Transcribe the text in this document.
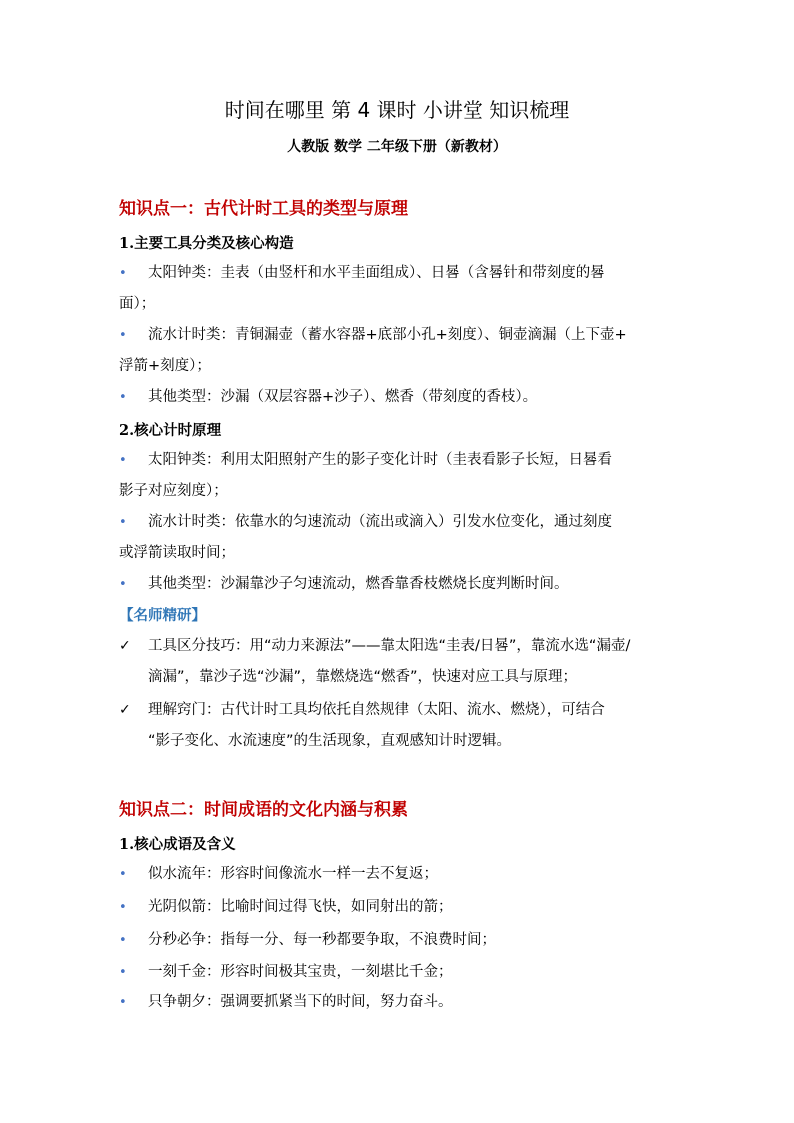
时间在哪里 第 4 课时 小讲堂 知识梳理
人教版 数学 二年级下册（新教材）
知识点一：古代计时工具的类型与原理
1.主要工具分类及核心构造
• 太阳钟类：圭表（由竖杆和水平圭面组成）、日晷（含晷针和带刻度的晷
面）；
• 流水计时类：青铜漏壶（蓄水容器+底部小孔+刻度）、铜壶滴漏（上下壶+
浮箭+刻度）；
• 其他类型：沙漏（双层容器+沙子）、燃香（带刻度的香枝）。
2.核心计时原理
• 太阳钟类：利用太阳照射产生的影子变化计时（圭表看影子长短，日晷看
影子对应刻度）；
• 流水计时类：依靠水的匀速流动（流出或滴入）引发水位变化，通过刻度
或浮箭读取时间；
• 其他类型：沙漏靠沙子匀速流动，燃香靠香枝燃烧长度判断时间。
【名师精研】
✓ 工具区分技巧：用“动力来源法”——靠太阳选“圭表/日晷”，靠流水选“漏壶/
滴漏”，靠沙子选“沙漏”，靠燃烧选“燃香”，快速对应工具与原理；
✓ 理解窍门：古代计时工具均依托自然规律（太阳、流水、燃烧），可结合
“影子变化、水流速度”的生活现象，直观感知计时逻辑。
知识点二：时间成语的文化内涵与积累
1.核心成语及含义
• 似水流年：形容时间像流水一样一去不复返；
• 光阴似箭：比喻时间过得飞快，如同射出的箭；
• 分秒必争：指每一分、每一秒都要争取，不浪费时间；
• 一刻千金：形容时间极其宝贵，一刻堪比千金；
• 只争朝夕：强调要抓紧当下的时间，努力奋斗。
